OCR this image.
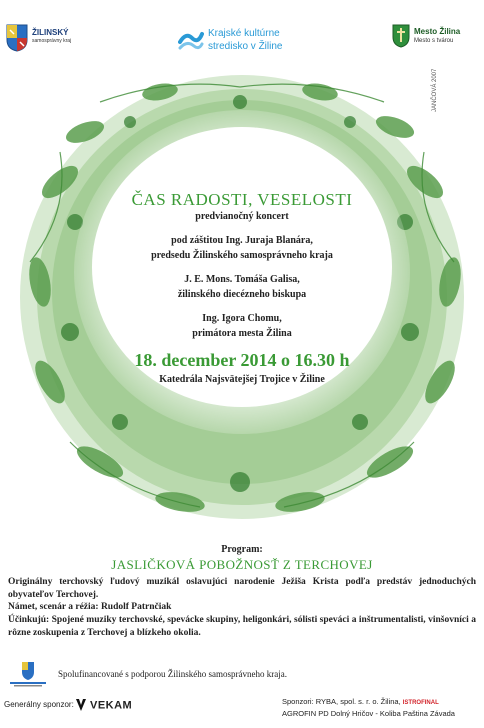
ŽILINSKÝ
samosprávny kraj
Krajské kultúrne
stredisko v Žiline
Mesto Žilina
Mesto s tvárou
JANČOVÁ 2007
ČAS RADOSTI, VESELOSTI
predvianočný koncert
pod záštitou Ing. Juraja Blanára,
predsedu Žilinského samosprávneho kraja
J. E. Mons. Tomáša Galisa,
žilinského diecézneho biskupa
Ing. Igora Chomu,
primátora mesta Žilina
18. december 2014 o 16.30 h
Katedrála Najsvätejšej Trojice v Žiline
Program:
JASLIČKOVÁ POBOŽNOSŤ Z TERCHOVEJ
Originálny terchovský ľudový muzikál oslavujúci narodenie Ježiša Krista podľa predstáv jednoduchých obyvateľov Terchovej.
Námet, scenár a réžia: Rudolf Patrnčiak
Účinkujú: Spojené muziky terchovské, spevácke skupiny, heligonkári, sólisti speváci a inštrumentalisti, vinšovníci a rôzne zoskupenia z Terchovej a blízkeho okolia.
Spolufinancované s podporou Žilinského samosprávneho kraja.
Generálny sponzor:	VEKAM	Sponzori: RYBA, spol. s. r. o. Žilina, ISTROFINAL
AGROFIN PD Dolný Hričov - Koliba Paština Závada
